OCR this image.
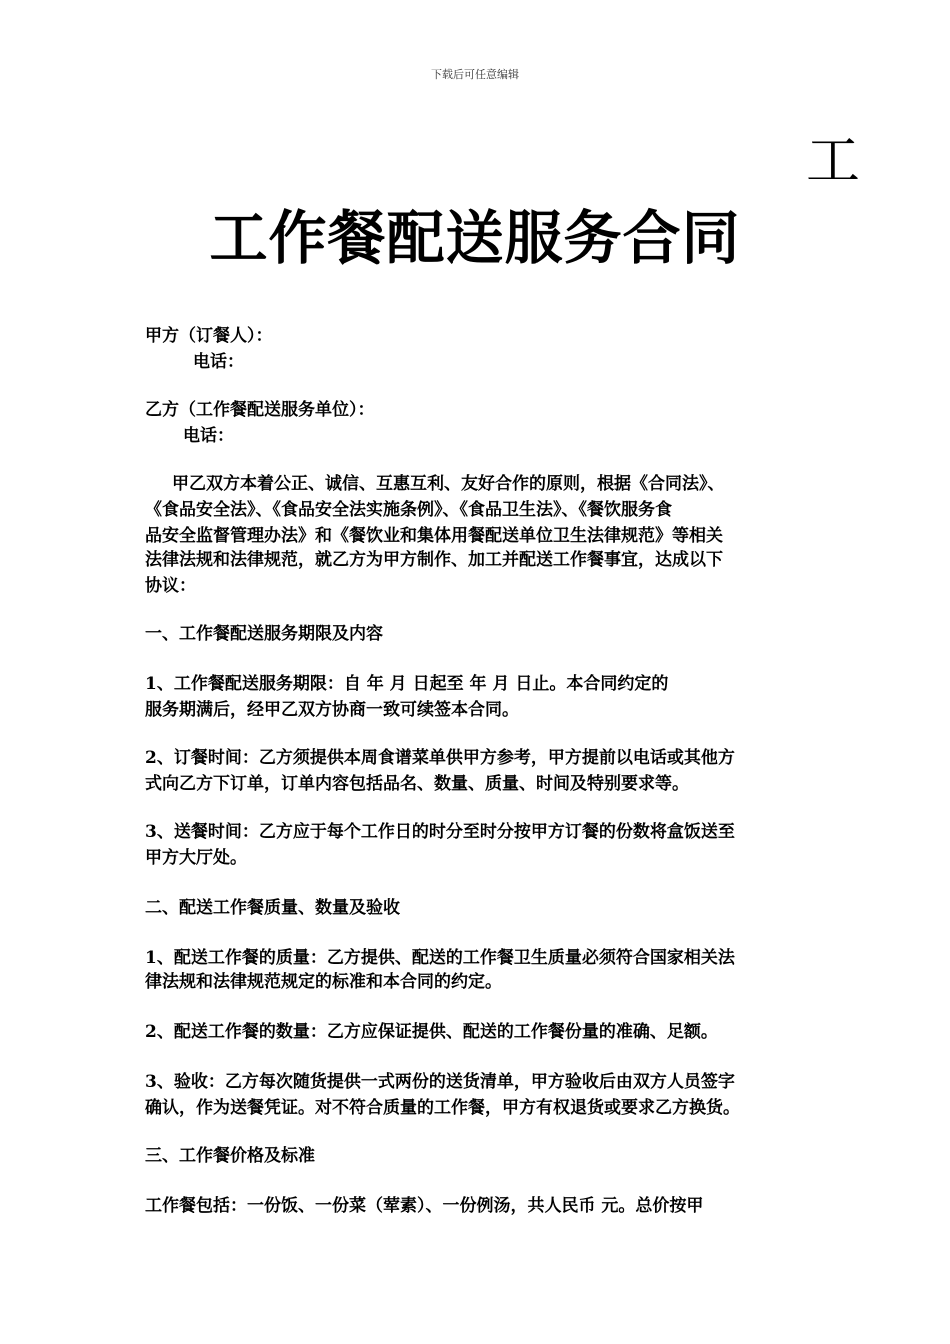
下载后可任意编辑
工
工作餐配送服务合同
甲方（订餐人）：
电话：
乙方（工作餐配送服务单位）：
电话：
甲乙双方本着公正、诚信、互惠互利、友好合作的原则，根据《合同法》、
《食品安全法》、《食品安全法实施条例》、《食品卫生法》、《餐饮服务食
品安全监督管理办法》和《餐饮业和集体用餐配送单位卫生法律规范》等相关
法律法规和法律规范，就乙方为甲方制作、加工并配送工作餐事宜，达成以下
协议：
一、工作餐配送服务期限及内容
1、工作餐配送服务期限：自 年 月 日起至 年 月 日止。本合同约定的
服务期满后，经甲乙双方协商一致可续签本合同。
2、订餐时间：乙方须提供本周食谱菜单供甲方参考，甲方提前以电话或其他方
式向乙方下订单，订单内容包括品名、数量、质量、时间及特别要求等。
3、送餐时间：乙方应于每个工作日的时分至时分按甲方订餐的份数将盒饭送至
甲方大厅处。
二、配送工作餐质量、数量及验收
1、配送工作餐的质量：乙方提供、配送的工作餐卫生质量必须符合国家相关法
律法规和法律规范规定的标准和本合同的约定。
2、配送工作餐的数量：乙方应保证提供、配送的工作餐份量的准确、足额。
3、验收：乙方每次随货提供一式两份的送货清单，甲方验收后由双方人员签字
确认，作为送餐凭证。对不符合质量的工作餐，甲方有权退货或要求乙方换货。
三、工作餐价格及标准
工作餐包括：一份饭、一份菜（荤素）、一份例汤，共人民币 元。总价按甲
